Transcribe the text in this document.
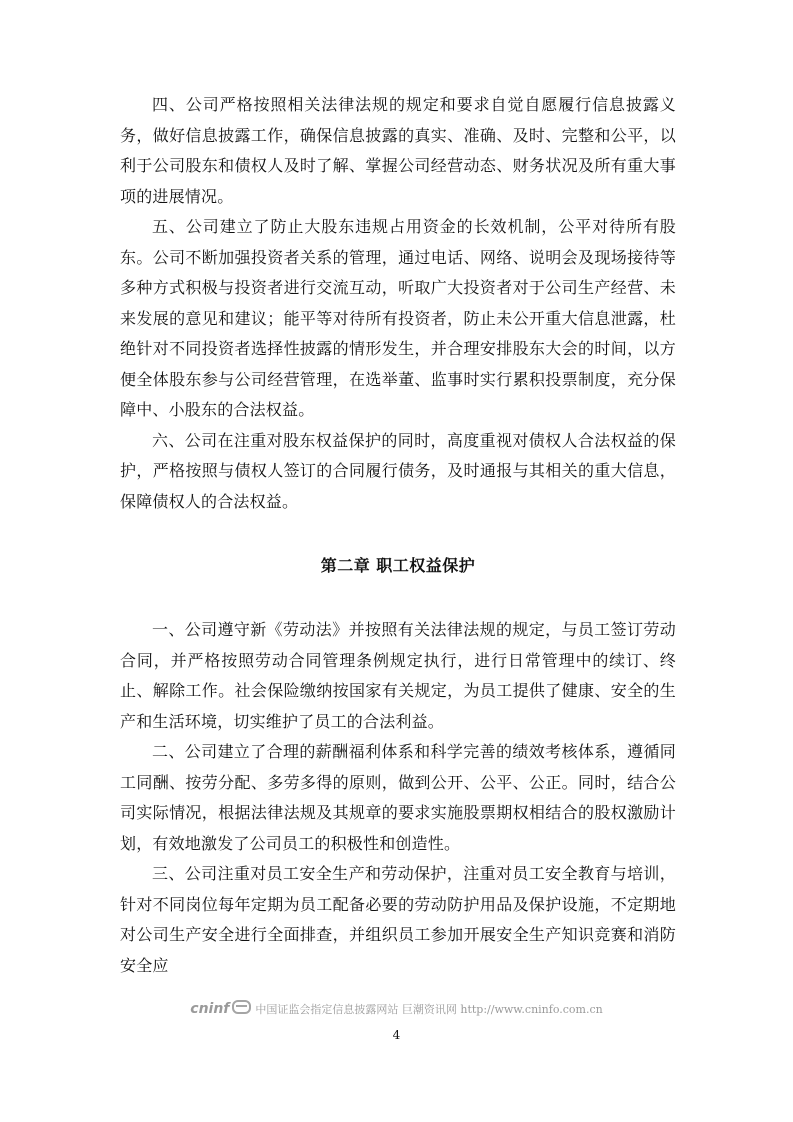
四、公司严格按照相关法律法规的规定和要求自觉自愿履行信息披露义务，做好信息披露工作，确保信息披露的真实、准确、及时、完整和公平，以利于公司股东和债权人及时了解、掌握公司经营动态、财务状况及所有重大事项的进展情况。

五、公司建立了防止大股东违规占用资金的长效机制，公平对待所有股东。公司不断加强投资者关系的管理，通过电话、网络、说明会及现场接待等多种方式积极与投资者进行交流互动，听取广大投资者对于公司生产经营、未来发展的意见和建议；能平等对待所有投资者，防止未公开重大信息泄露，杜绝针对不同投资者选择性披露的情形发生，并合理安排股东大会的时间，以方便全体股东参与公司经营管理，在选举董、监事时实行累积投票制度，充分保障中、小股东的合法权益。

六、公司在注重对股东权益保护的同时，高度重视对债权人合法权益的保护，严格按照与债权人签订的合同履行债务，及时通报与其相关的重大信息，保障债权人的合法权益。

第二章 职工权益保护

一、公司遵守新《劳动法》并按照有关法律法规的规定，与员工签订劳动合同，并严格按照劳动合同管理条例规定执行，进行日常管理中的续订、终止、解除工作。社会保险缴纳按国家有关规定，为员工提供了健康、安全的生产和生活环境，切实维护了员工的合法利益。

二、公司建立了合理的薪酬福利体系和科学完善的绩效考核体系，遵循同工同酬、按劳分配、多劳多得的原则，做到公开、公平、公正。同时，结合公司实际情况，根据法律法规及其规章的要求实施股票期权相结合的股权激励计划，有效地激发了公司员工的积极性和创造性。

三、公司注重对员工安全生产和劳动保护，注重对员工安全教育与培训，针对不同岗位每年定期为员工配备必要的劳动防护用品及保护设施，不定期地对公司生产安全进行全面排查，并组织员工参加开展安全生产知识竞赛和消防安全应

cninf 中国证监会指定信息披露网站 巨潮资讯网 http://www.cninfo.com.cn
4
